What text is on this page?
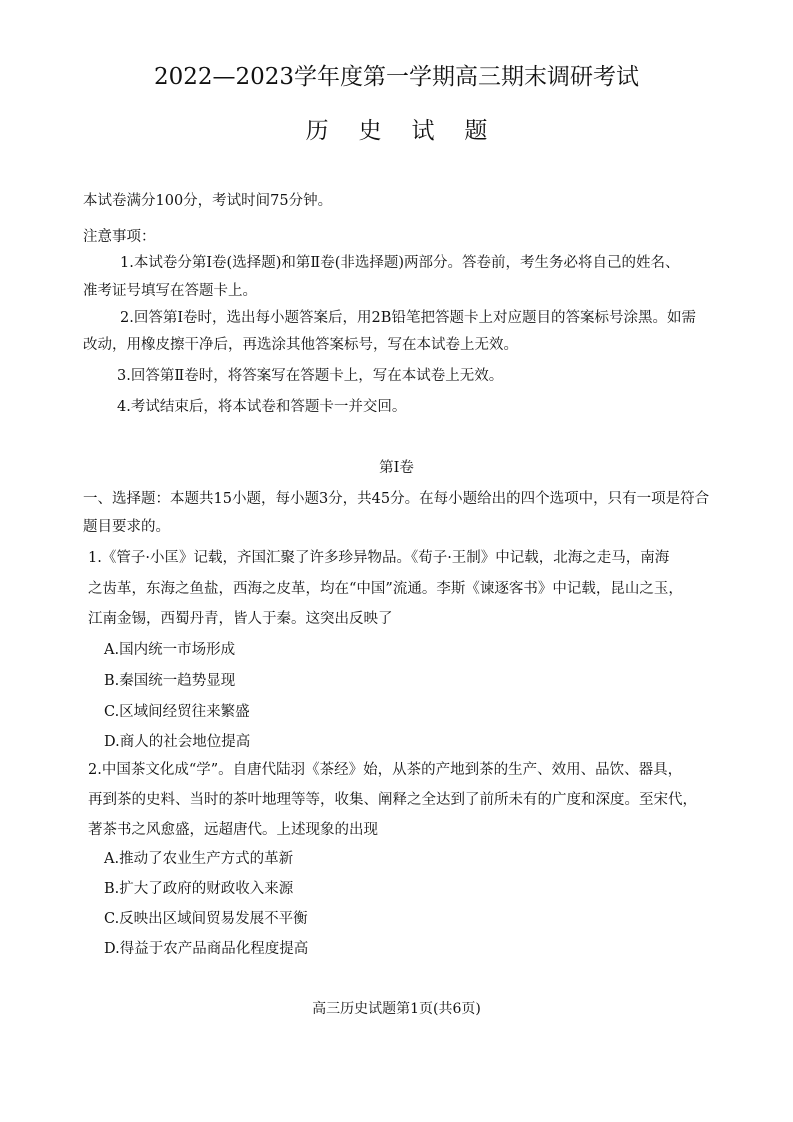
2022—2023学年度第一学期高三期末调研考试
历史试题
本试卷满分100分，考试时间75分钟。
注意事项：
1.本试卷分第Ⅰ卷(选择题)和第Ⅱ卷(非选择题)两部分。答卷前，考生务必将自己的姓名、
准考证号填写在答题卡上。
2.回答第Ⅰ卷时，选出每小题答案后，用2B铅笔把答题卡上对应题目的答案标号涂黑。如需
改动，用橡皮擦干净后，再选涂其他答案标号，写在本试卷上无效。
3.回答第Ⅱ卷时，将答案写在答题卡上，写在本试卷上无效。
4.考试结束后，将本试卷和答题卡一并交回。
第Ⅰ卷
一、选择题：本题共15小题，每小题3分，共45分。在每小题给出的四个选项中，只有一项是符合
题目要求的。
1.《管子·小匡》记载，齐国汇聚了许多珍异物品。《荀子·王制》中记载，北海之走马，南海
之齿革，东海之鱼盐，西海之皮革，均在“中国”流通。李斯《谏逐客书》中记载，昆山之玉，
江南金锡，西蜀丹青，皆人于秦。这突出反映了
A.国内统一市场形成
B.秦国统一趋势显现
C.区域间经贸往来繁盛
D.商人的社会地位提高
2.中国茶文化成“学”。自唐代陆羽《茶经》始，从茶的产地到茶的生产、效用、品饮、器具，
再到茶的史料、当时的茶叶地理等等，收集、阐释之全达到了前所未有的广度和深度。至宋代，
著茶书之风愈盛，远超唐代。上述现象的出现
A.推动了农业生产方式的革新
B.扩大了政府的财政收入来源
C.反映出区域间贸易发展不平衡
D.得益于农产品商品化程度提高
高三历史试题第1页(共6页)
